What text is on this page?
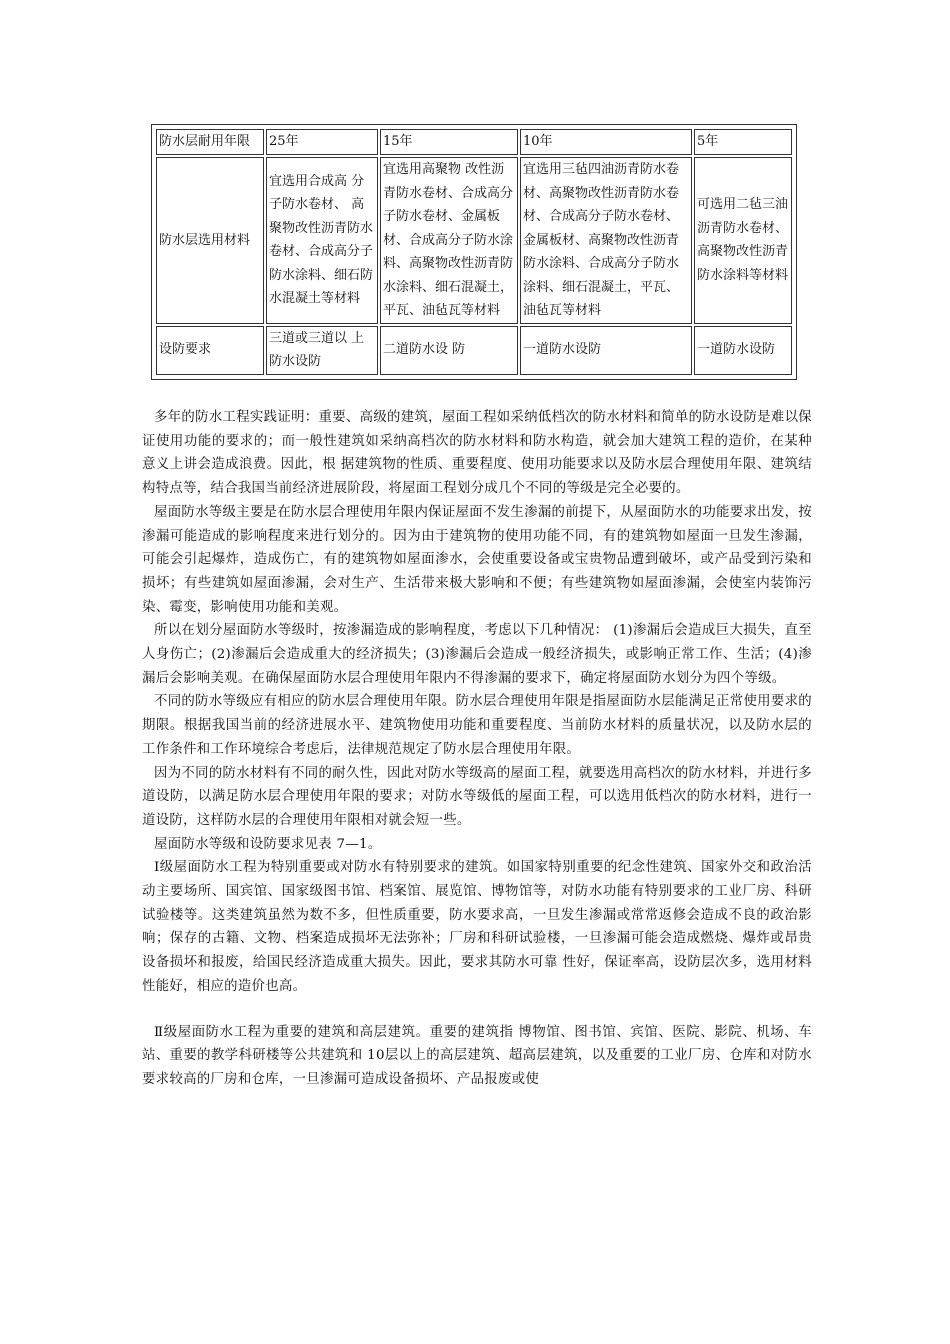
防水层耐用年限	25年	15年	10年	5年
防水层选用材料	宜选用合成高 分子防水卷材、 高聚物改性沥青防水卷材、合成高分子防水涂料、细石防水混凝土等材料	宜选用高聚物 改性沥青防水卷材、合成高分子防水卷材、金属板材、合成高分子防水涂料、高聚物改性沥青防水涂料、细石混凝土，平瓦、油毡瓦等材料	宜选用三毡四油沥青防水卷材、高聚物改性沥青防水卷材、合成高分子防水卷材、金属板材、高聚物改性沥青防水涂料、合成高分子防水涂料、细石混凝土，平瓦、油毡瓦等材料	可选用二毡三油沥青防水卷材、高聚物改性沥青防水涂料等材料
设防要求	三道或三道以 上防水设防	二道防水设 防	一道防水设防	一道防水设防

多年的防水工程实践证明：重要、高级的建筑，屋面工程如采纳低档次的防水材料和简单的防水设防是难以保证使用功能的要求的；而一般性建筑如采纳高档次的防水材料和防水构造，就会加大建筑工程的造价，在某种意义上讲会造成浪费。因此，根 据建筑物的性质、重要程度、使用功能要求以及防水层合理使用年限、建筑结构特点等，结合我国当前经济进展阶段，将屋面工程划分成几个不同的等级是完全必要的。

屋面防水等级主要是在防水层合理使用年限内保证屋面不发生渗漏的前提下，从屋面防水的功能要求出发，按渗漏可能造成的影响程度来进行划分的。因为由于建筑物的使用功能不同，有的建筑物如屋面一旦发生渗漏，可能会引起爆炸，造成伤亡，有的建筑物如屋面渗水，会使重要设备或宝贵物品遭到破坏，或产品受到污染和损坏；有些建筑如屋面渗漏，会对生产、生活带来极大影响和不便；有些建筑物如屋面渗漏，会使室内装饰污染、霉变，影响使用功能和美观。

所以在划分屋面防水等级时，按渗漏造成的影响程度，考虑以下几种情况： (1)渗漏后会造成巨大损失，直至人身伤亡；(2)渗漏后会造成重大的经济损失；(3)渗漏后会造成一般经济损失，或影响正常工作、生活；(4)渗漏后会影响美观。在确保屋面防水层合理使用年限内不得渗漏的要求下，确定将屋面防水划分为四个等级。

不同的防水等级应有相应的防水层合理使用年限。防水层合理使用年限是指屋面防水层能满足正常使用要求的期限。根据我国当前的经济进展水平、建筑物使用功能和重要程度、当前防水材料的质量状况，以及防水层的工作条件和工作环境综合考虑后，法律规范规定了防水层合理使用年限。

因为不同的防水材料有不同的耐久性，因此对防水等级高的屋面工程，就要选用高档次的防水材料，并进行多道设防，以满足防水层合理使用年限的要求；对防水等级低的屋面工程，可以选用低档次的防水材料，进行一道设防，这样防水层的合理使用年限相对就会短一些。

屋面防水等级和设防要求见表 7—1。

Ⅰ级屋面防水工程为特别重要或对防水有特别要求的建筑。如国家特别重要的纪念性建筑、国家外交和政治活动主要场所、国宾馆、国家级图书馆、档案馆、展览馆、博物馆等，对防水功能有特别要求的工业厂房、科研试验楼等。这类建筑虽然为数不多，但性质重要，防水要求高，一旦发生渗漏或常常返修会造成不良的政治影响；保存的古籍、文物、档案造成损坏无法弥补；厂房和科研试验楼，一旦渗漏可能会造成燃烧、爆炸或昂贵设备损坏和报废，给国民经济造成重大损失。因此，要求其防水可靠 性好，保证率高，设防层次多，选用材料性能好，相应的造价也高。

Ⅱ级屋面防水工程为重要的建筑和高层建筑。重要的建筑指 博物馆、图书馆、宾馆、医院、影院、机场、车站、重要的教学科研楼等公共建筑和 10层以上的高层建筑、超高层建筑，以及重要的工业厂房、仓库和对防水要求较高的厂房和仓库，一旦渗漏可造成设备损坏、产品报废或使
